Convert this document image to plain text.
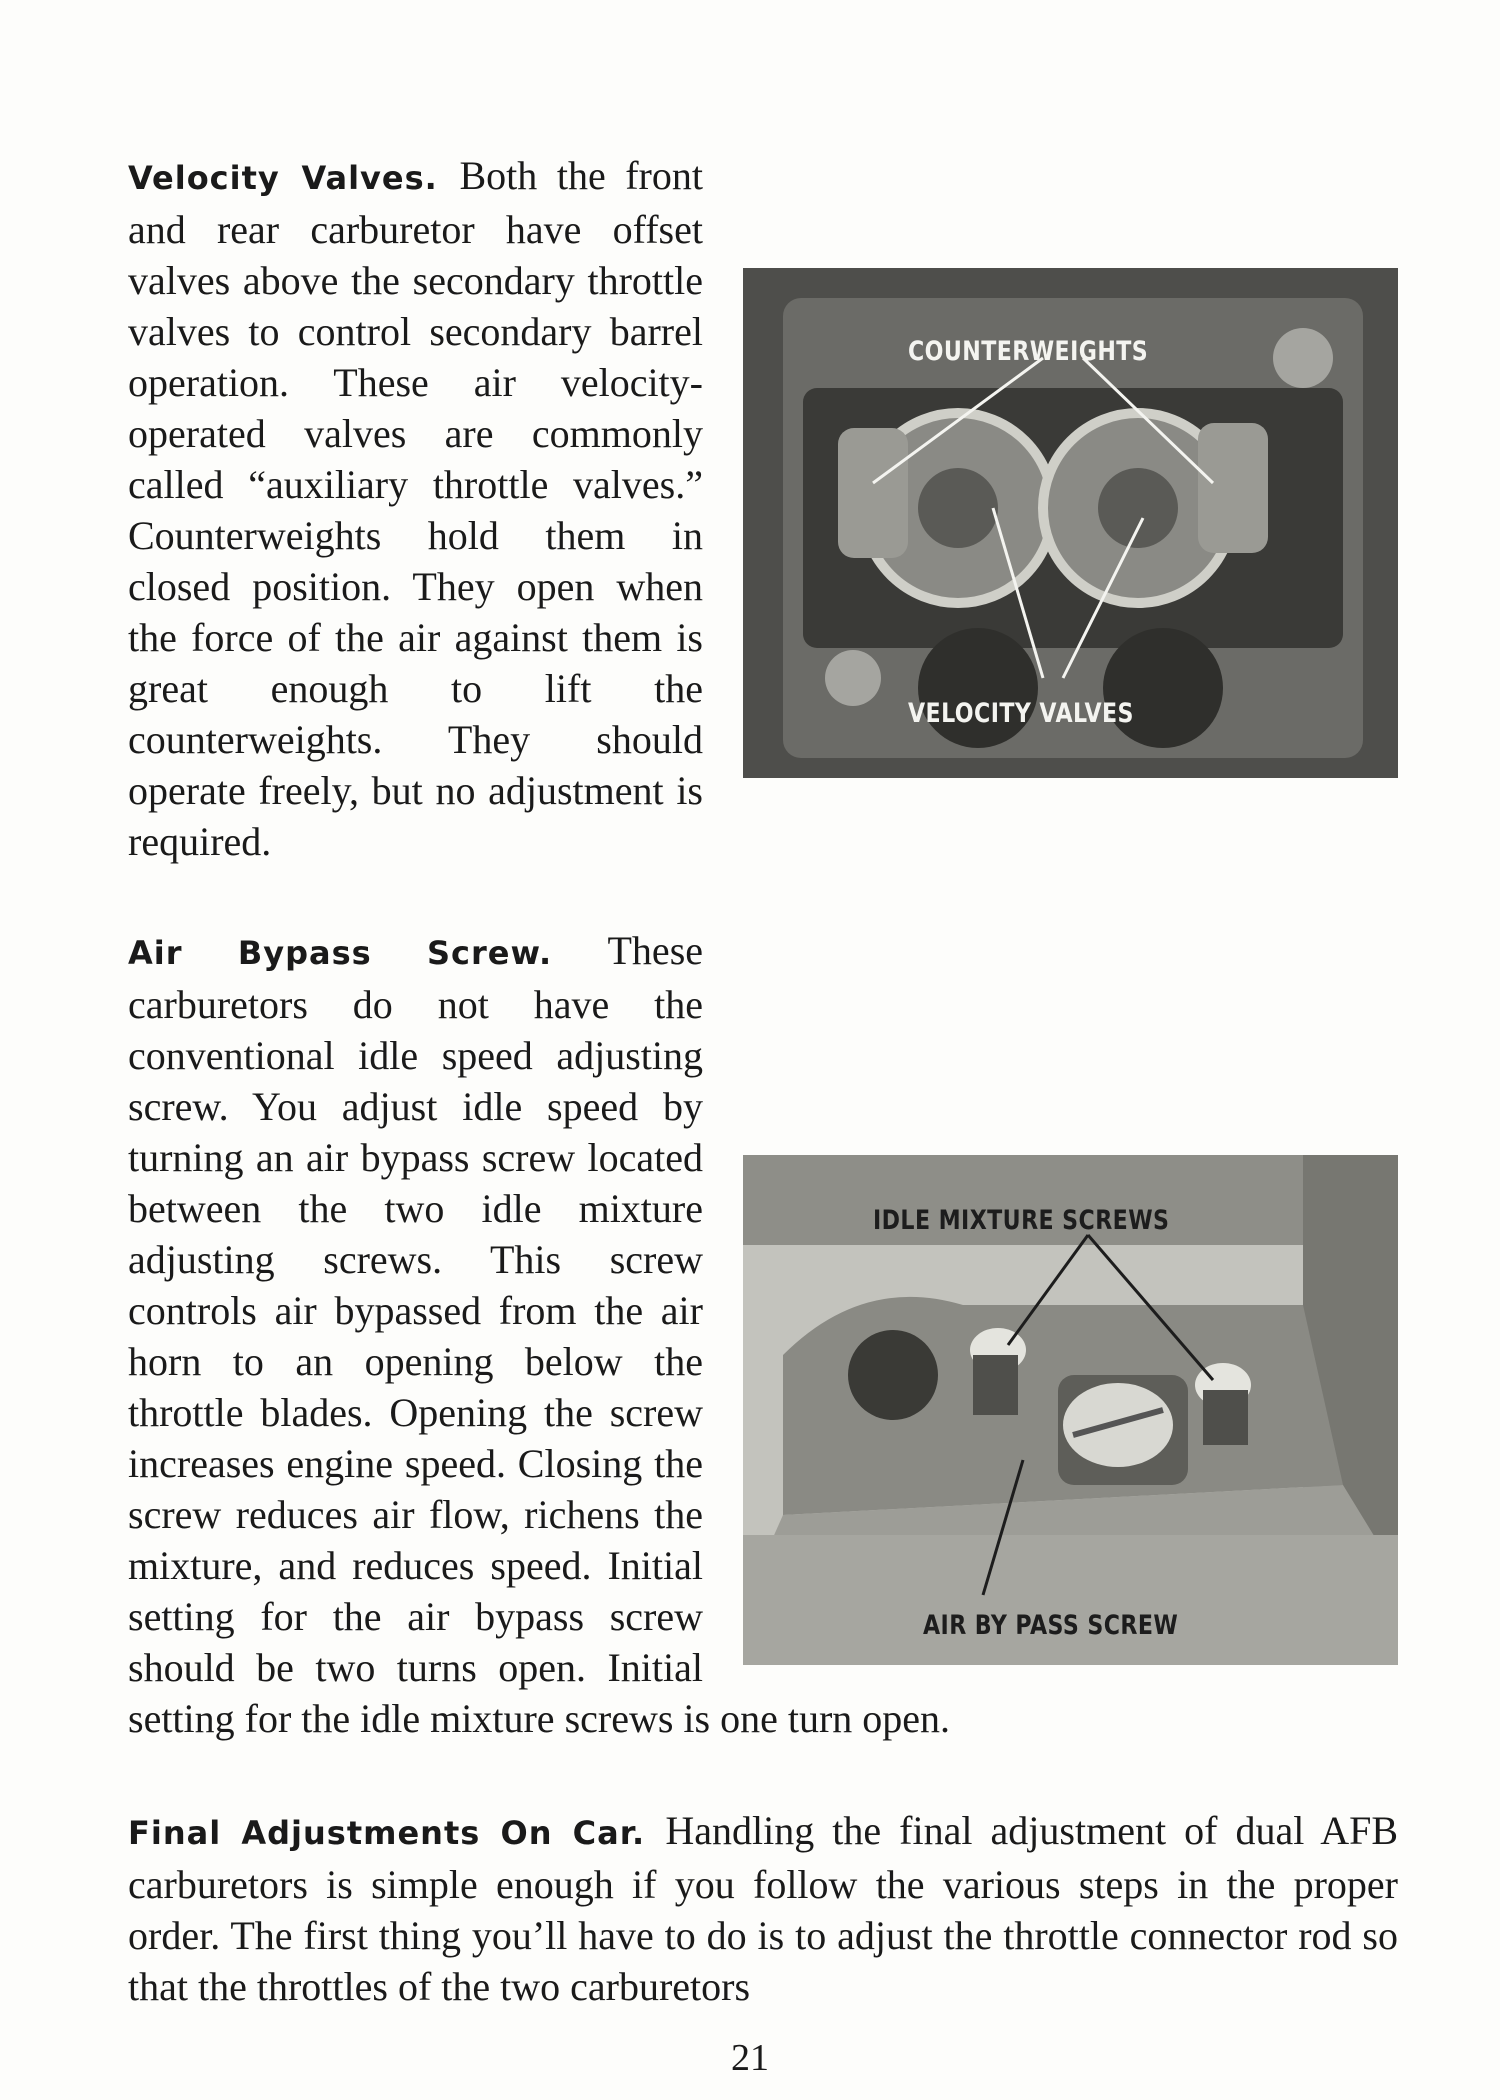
COUNTERWEIGHTS
VELOCITY VALVES
Velocity Valves. Both the front and rear carburetor have offset valves above the secondary throttle valves to control secondary barrel operation. These air velocity-operated valves are commonly called “auxiliary throttle valves.” Counterweights hold them in closed position. They open when the force of the air against them is great enough to lift the counterweights. They should operate freely, but no adjustment is required.
IDLE MIXTURE SCREWS
AIR BY PASS SCREW
Air Bypass Screw. These carburetors do not have the conventional idle speed adjusting screw. You adjust idle speed by turning an air bypass screw located between the two idle mixture adjusting screws. This screw controls air bypassed from the air horn to an opening below the throttle blades. Opening the screw increases engine speed. Closing the screw reduces air flow, richens the mixture, and reduces speed. Initial setting for the air bypass screw should be two turns open. Initial setting for the idle mixture screws is one turn open.
Final Adjustments On Car. Handling the final adjustment of dual AFB carburetors is simple enough if you follow the various steps in the proper order. The first thing you’ll have to do is to adjust the throttle connector rod so that the throttles of the two carburetors
21
